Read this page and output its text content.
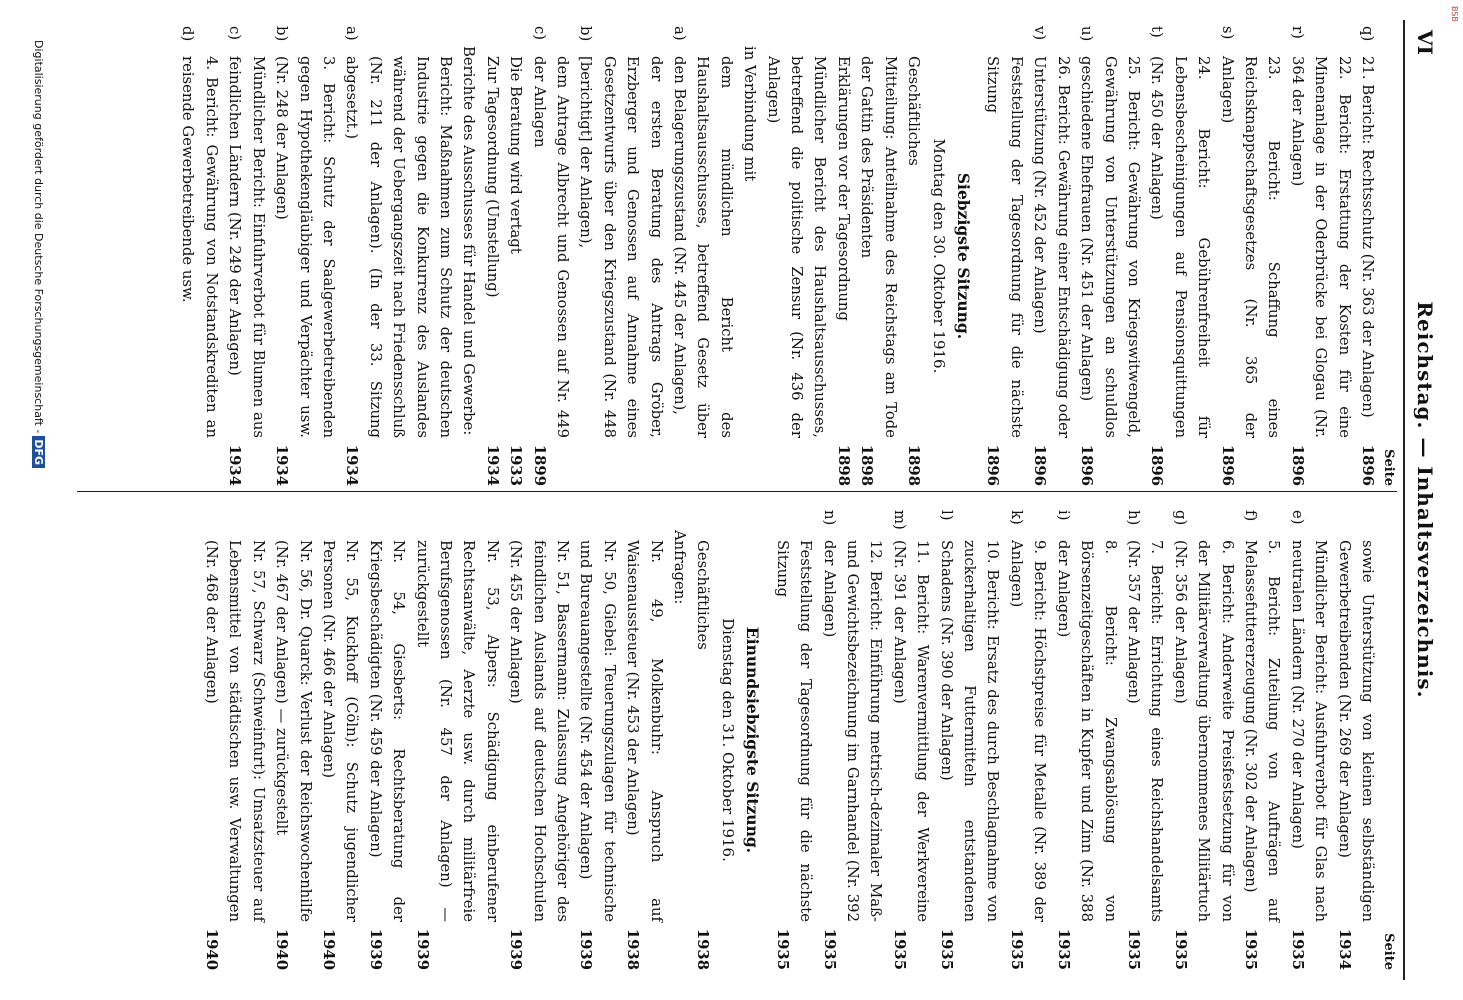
BSB
VI
Reichstag. — Inhaltsverzeichnis.
Seite
q)
21. Bericht: Rechtsschutz (Nr. 363 der Anlagen)
1896
r)
22. Bericht: Erstattung der Kosten für eine Minenanlage in der Oderbrücke bei Glogau (Nr. 364 der Anlagen)
1896
s)
23. Bericht: Schaffung eines Reichsknappschaftsgesetzes (Nr. 365 der Anlagen)
1896
t)
24. Bericht: Gebührenfreiheit für Lebensbescheinigungen auf Pensionsquittungen (Nr. 450 der Anlagen)
1896
u)
25. Bericht: Gewährung von Kriegswitwengeld, Gewährung von Unterstützungen an schuldlos geschiedene Ehefrauen (Nr. 451 der Anlagen)
1896
v)
26. Bericht: Gewährung einer Entschädigung oder Unterstützung (Nr. 452 der Anlagen)
1896
Feststellung der Tagesordnung für die nächste Sitzung
1896
Siebzigste Sitzung.
Montag den 30. Oktober 1916.
Geschäftliches
1898
Mitteilung: Anteilnahme des Reichstags am Tode der Gattin des Präsidenten
1898
Erklärungen vor der Tagesordnung
1898
Mündlicher Bericht des Haushaltsausschusses, betreffend die politische Zensur (Nr. 436 der Anlagen)
in Verbindung mit
a)
dem mündlichen Bericht des Haushaltsausschusses, betreffend Gesetz über den Belagerungszustand (Nr. 445 der Anlagen),
b)
der ersten Beratung des Antrags Gröber, Erzberger und Genossen auf Annahme eines Gesetzentwurfs über den Kriegszustand (Nr. 448 [berichtigt] der Anlagen),
c)
dem Antrage Albrecht und Genossen auf Nr. 449 der Anlagen
1899
Die Beratung wird vertagt
1933
Zur Tagesordnung (Umstellung)
1934
Berichte des Ausschusses für Handel und Gewerbe:
a)
Bericht: Maßnahmen zum Schutz der deutschen Industrie gegen die Konkurrenz des Auslandes während der Uebergangszeit nach Friedensschluß (Nr. 211 der Anlagen). (In der 33. Sitzung abgesetzt.)
1934
b)
3. Bericht: Schutz der Saalgewerbetreibenden gegen Hypothekengläubiger und Verpächter usw. (Nr. 248 der Anlagen)
1934
c)
Mündlicher Bericht: Einfuhrverbot für Blumen aus feindlichen Ländern (Nr. 249 der Anlagen)
1934
d)
4. Bericht: Gewährung von Notstandskrediten an reisende Gewerbetreibende usw.
Seite
sowie Unterstützung von kleinen selbständigen Gewerbetreibenden (Nr. 269 der Anlagen)
1934
e)
Mündlicher Bericht: Ausfuhrverbot für Glas nach neutralen Ländern (Nr. 270 der Anlagen)
1935
f)
5. Bericht: Zuteilung von Aufträgen auf Melassefuttererzeugung (Nr. 302 der Anlagen)
1935
g)
6. Bericht: Anderweite Preisfestsetzung für von der Militärverwaltung übernommenes Militärtuch (Nr. 356 der Anlagen)
1935
h)
7. Bericht: Errichtung eines Reichshandelsamts (Nr. 357 der Anlagen)
1935
i)
8. Bericht: Zwangsablösung von Börsenzeitgeschäften in Kupfer und Zinn (Nr. 388 der Anlagen)
1935
k)
9. Bericht: Höchstpreise für Metalle (Nr. 389 der Anlagen)
1935
l)
10. Bericht: Ersatz des durch Beschlagnahme von zuckerhaltigen Futtermitteln entstandenen Schadens (Nr. 390 der Anlagen)
1935
m)
11. Bericht: Warenvermittlung der Werkvereine (Nr. 391 der Anlagen)
1935
n)
12. Bericht: Einführung metrisch-dezimaler Maß- und Gewichtsbezeichnung im Garnhandel (Nr. 392 der Anlagen)
1935
Feststellung der Tagesordnung für die nächste Sitzung
1935
Einundsiebzigste Sitzung.
Dienstag den 31. Oktober 1916.
Geschäftliches
1938
Anfragen:
Nr. 49, Molkenbuhr: Anspruch auf Waisenaussteuer (Nr. 453 der Anlagen)
1938
Nr. 50, Giebel: Teuerungszulagen für technische und Bureauangestellte (Nr. 454 der Anlagen)
1939
Nr. 51, Bassermann: Zulassung Angehöriger des feindlichen Auslands auf deutschen Hochschulen (Nr. 455 der Anlagen)
1939
Nr. 53, Alpers: Schädigung einberufener Rechtsanwälte, Aerzte usw. durch militärfreie Berufsgenossen (Nr. 457 der Anlagen) — zurückgestellt
1939
Nr. 54, Giesberts: Rechtsberatung der Kriegsbeschädigten (Nr. 459 der Anlagen)
1939
Nr. 55, Kuckhoff (Cöln): Schutz jugendlicher Personen (Nr. 466 der Anlagen)
1940
Nr. 56, Dr. Quarck: Verlust der Reichswochenhilfe (Nr. 467 der Anlagen) — zurückgestellt
1940
Nr. 57, Schwarz (Schweinfurt): Umsatzsteuer auf Lebensmittel von städtischen usw. Verwaltungen (Nr. 468 der Anlagen)
1940
Digitalisierung gefördert durch die Deutsche Forschungsgemeinschaft -DFG
